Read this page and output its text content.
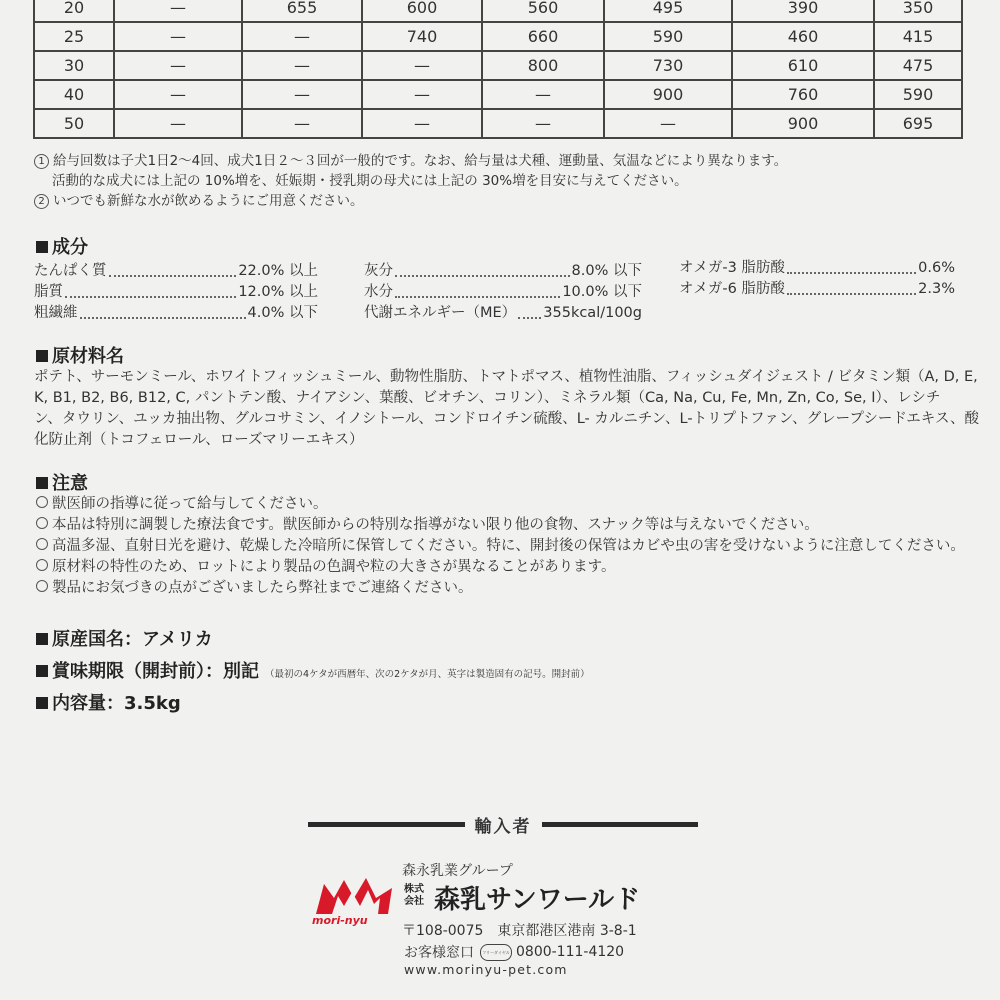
20	—	655	600	560	495	390	350
25	—	—	740	660	590	460	415
30	—	—	—	800	730	610	475
40	—	—	—	—	900	760	590
50	—	—	—	—	—	900	695
1 給与回数は子犬1日2～4回、成犬1日２～３回が一般的です。なお、給与量は犬種、運動量、気温などにより異なります。
活動的な成犬には上記の 10%増を、妊娠期・授乳期の母犬には上記の 30%増を目安に与えてください。
2 いつでも新鮮な水が飲めるようにご用意ください。
成分
たんぱく質	22.0% 以上
脂質	12.0% 以上
粗繊維	4.0% 以下
灰分	8.0% 以下
水分	10.0% 以下
代謝エネルギー（ME） 355kcal/100g
オメガ-3 脂肪酸	0.6%
オメガ-6 脂肪酸	2.3%
原材料名
ポテト、サーモンミール、ホワイトフィッシュミール、動物性脂肪、トマトポマス、植物性油脂、フィッシュダイジェスト / ビタミン類（A, D, E,
K, B1, B2, B6, B12, C, パントテン酸、ナイアシン、葉酸、ビオチン、コリン）、ミネラル類（Ca, Na, Cu, Fe, Mn, Zn, Co, Se, I）、レシチ
ン、タウリン、ユッカ抽出物、グルコサミン、イノシトール、コンドロイチン硫酸、L- カルニチン、L-トリプトファン、グレープシードエキス、酸
化防止剤（トコフェロール、ローズマリーエキス）
注意
獣医師の指導に従って給与してください。
本品は特別に調製した療法食です。獣医師からの特別な指導がない限り他の食物、スナック等は与えないでください。
高温多湿、直射日光を避け、乾燥した冷暗所に保管してください。特に、開封後の保管はカビや虫の害を受けないように注意してください。
原材料の特性のため、ロットにより製品の色調や粒の大きさが異なることがあります。
製品にお気づきの点がございましたら弊社までご連絡ください。
原産国名：アメリカ
賞味期限（開封前）：別記 （最初の4ケタが西暦年、次の2ケタが月、英字は製造固有の記号。開封前）
内容量：3.5kg
輸入者
森永乳業グループ
mori-nyu
株式
会社 森乳サンワールド
〒108-0075　東京都港区港南 3-8-1
お客様窓口	フリーダイヤル 0800-111-4120
www.morinyu-pet.com
